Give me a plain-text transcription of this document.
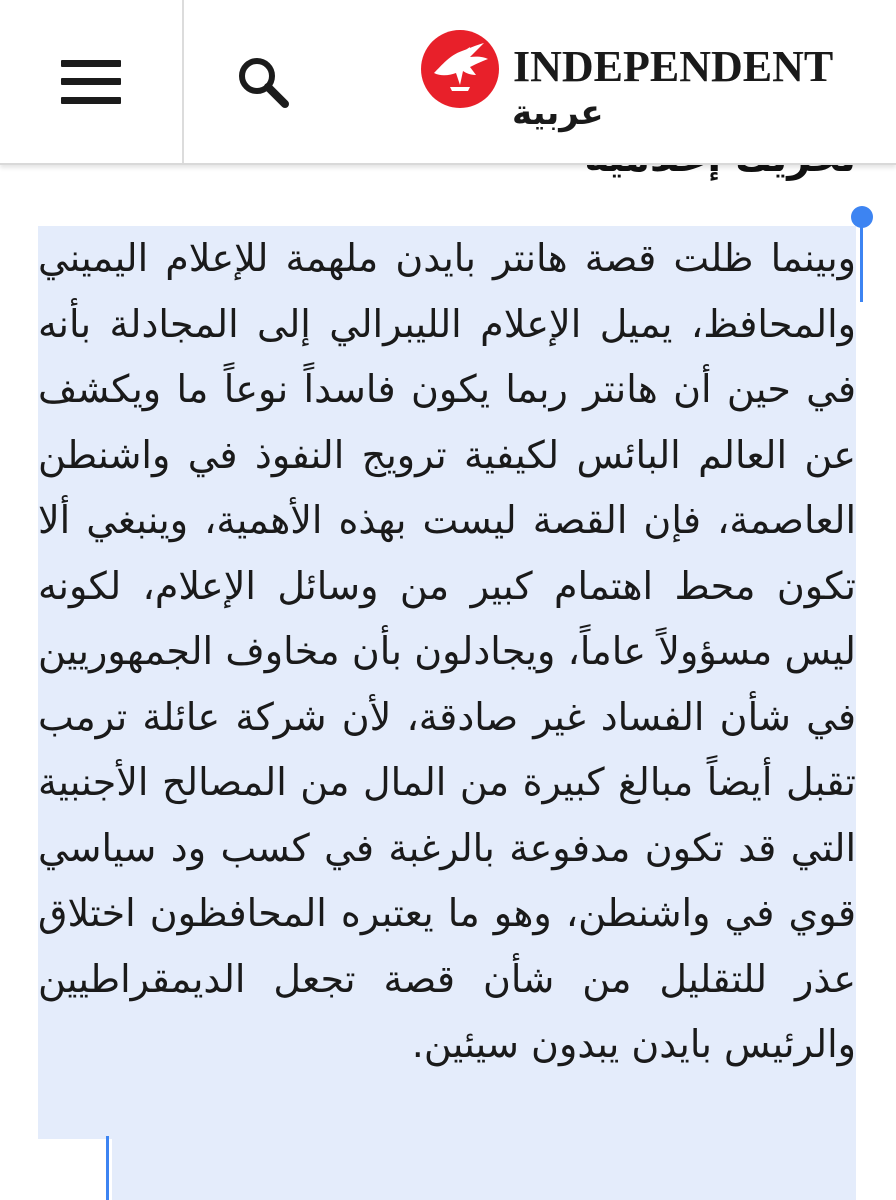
INDEPENDENT
عربية

وبينما ظلت قصة هانتر بايدن ملهمة للإعلام اليميني والمحافظ، يميل الإعلام الليبرالي إلى المجادلة بأنه في حين أن هانتر ربما يكون فاسداً نوعاً ما ويكشف عن العالم البائس لكيفية ترويج النفوذ في واشنطن العاصمة، فإن القصة ليست بهذه الأهمية، وينبغي ألا تكون محط اهتمام كبير من وسائل الإعلام، لكونه ليس مسؤولاً عاماً، ويجادلون بأن مخاوف الجمهوريين في شأن الفساد غير صادقة، لأن شركة عائلة ترمب تقبل أيضاً مبالغ كبيرة من المال من المصالح الأجنبية التي قد تكون مدفوعة بالرغبة في كسب ود سياسي قوي في واشنطن، وهو ما يعتبره المحافظون اختلاق عذر للتقليل من شأن قصة تجعل الديمقراطيين والرئيس بايدن يبدون سيئين.
